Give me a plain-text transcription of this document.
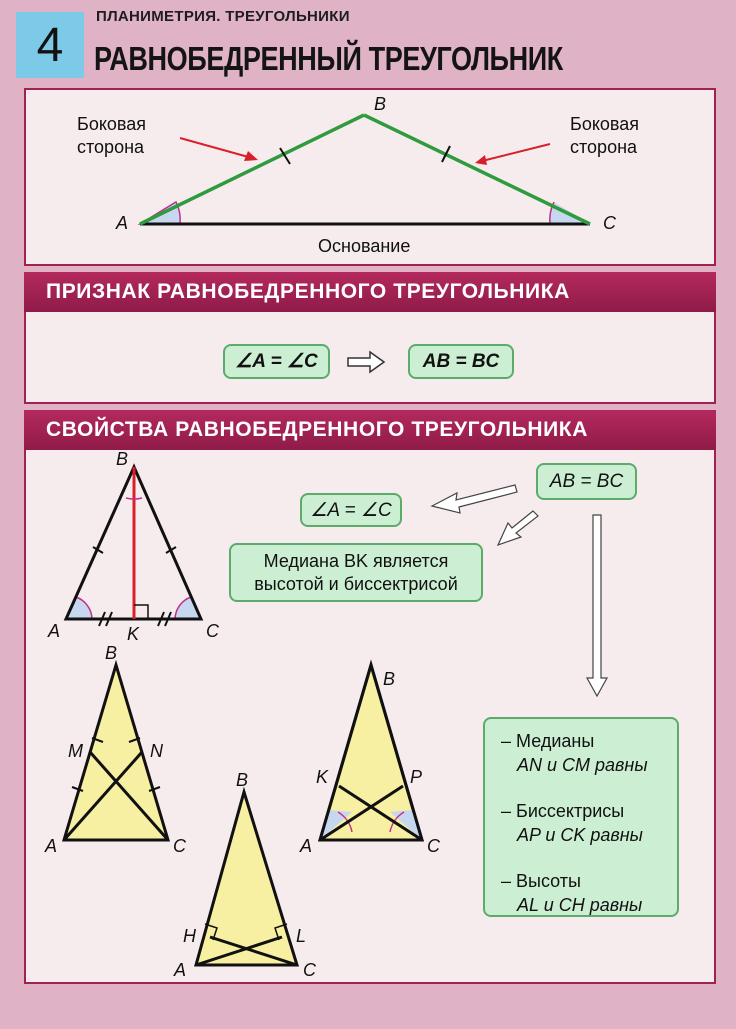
4
ПЛАНИМЕТРИЯ. ТРЕУГОЛЬНИКИ
РАВНОБЕДРЕННЫЙ ТРЕУГОЛЬНИК
Боковая
сторона
Боковая
сторона
Основание
B
A	C
ПРИЗНАК РАВНОБЕДРЕННОГО ТРЕУГОЛЬНИКА
∠A = ∠C	AB = BC
СВОЙСТВА РАВНОБЕДРЕННОГО ТРЕУГОЛЬНИКА
B
A	K	C
B
M	N
A	C
B
K	P
A	C
B
H	L
A	C
AB = BC
∠A = ∠C
Медиана BK является
высотой и биссектрисой
– Медианы
AN и CM равны
– Биссектрисы
AP и CK равны
– Высоты
AL и CH равны
